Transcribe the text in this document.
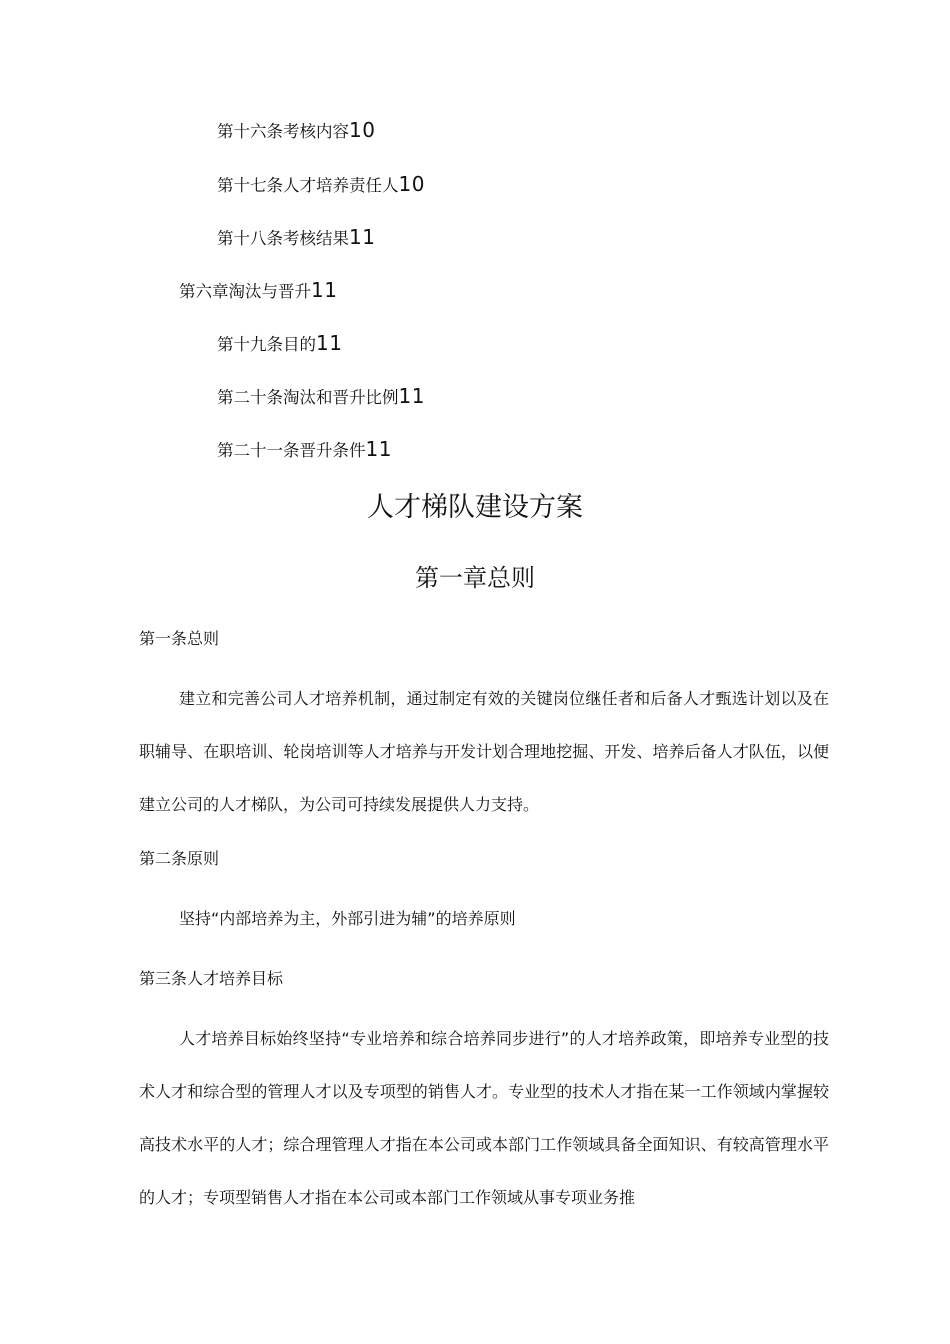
第十六条考核内容10
第十七条人才培养责任人10
第十八条考核结果11
第六章淘汰与晋升11
第十九条目的11
第二十条淘汰和晋升比例11
第二十一条晋升条件11
人才梯队建设方案
第一章总则
第一条总则

建立和完善公司人才培养机制，通过制定有效的关键岗位继任者和后备人才甄选计划以及在职辅导、在职培训、轮岗培训等人才培养与开发计划合理地挖掘、开发、培养后备人才队伍，以便建立公司的人才梯队，为公司可持续发展提供人力支持。

第二条原则

坚持“内部培养为主，外部引进为辅”的培养原则

第三条人才培养目标

人才培养目标始终坚持“专业培养和综合培养同步进行”的人才培养政策，即培养专业型的技术人才和综合型的管理人才以及专项型的销售人才。专业型的技术人才指在某一工作领域内掌握较高技术水平的人才；综合理管理人才指在本公司或本部门工作领域具备全面知识、有较高管理水平的人才；专项型销售人才指在本公司或本部门工作领域从事专项业务推
